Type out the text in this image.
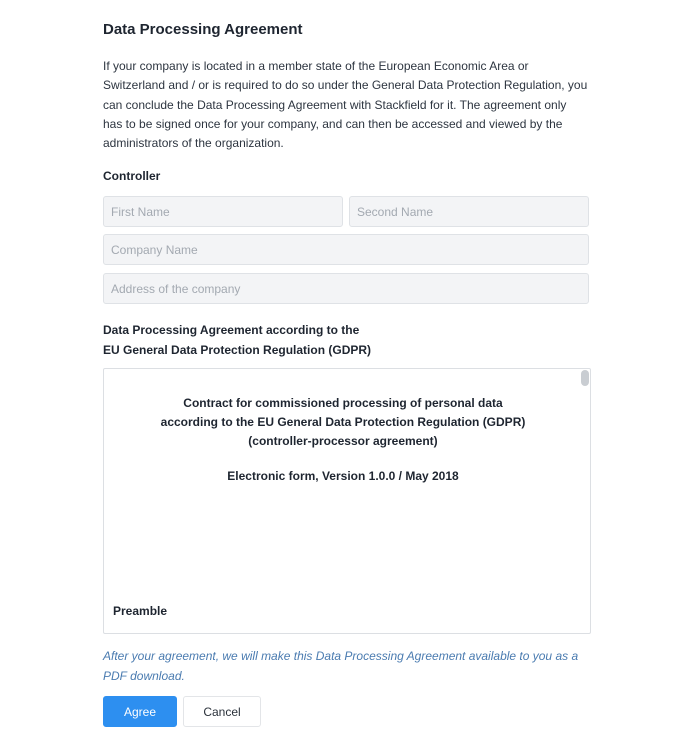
Data Processing Agreement
If your company is located in a member state of the European Economic Area or Switzerland and / or is required to do so under the General Data Protection Regulation, you can conclude the Data Processing Agreement with Stackfield for it. The agreement only has to be signed once for your company, and can then be accessed and viewed by the administrators of the organization.
Controller
First Name
Second Name
Company Name
Address of the company
Data Processing Agreement according to the
EU General Data Protection Regulation (GDPR)
Contract for commissioned processing of personal data
according to the EU General Data Protection Regulation (GDPR)
(controller-processor agreement)
Electronic form, Version 1.0.0 / May 2018
Preamble
After your agreement, we will make this Data Processing Agreement available to you as a PDF download.
Agree	Cancel
